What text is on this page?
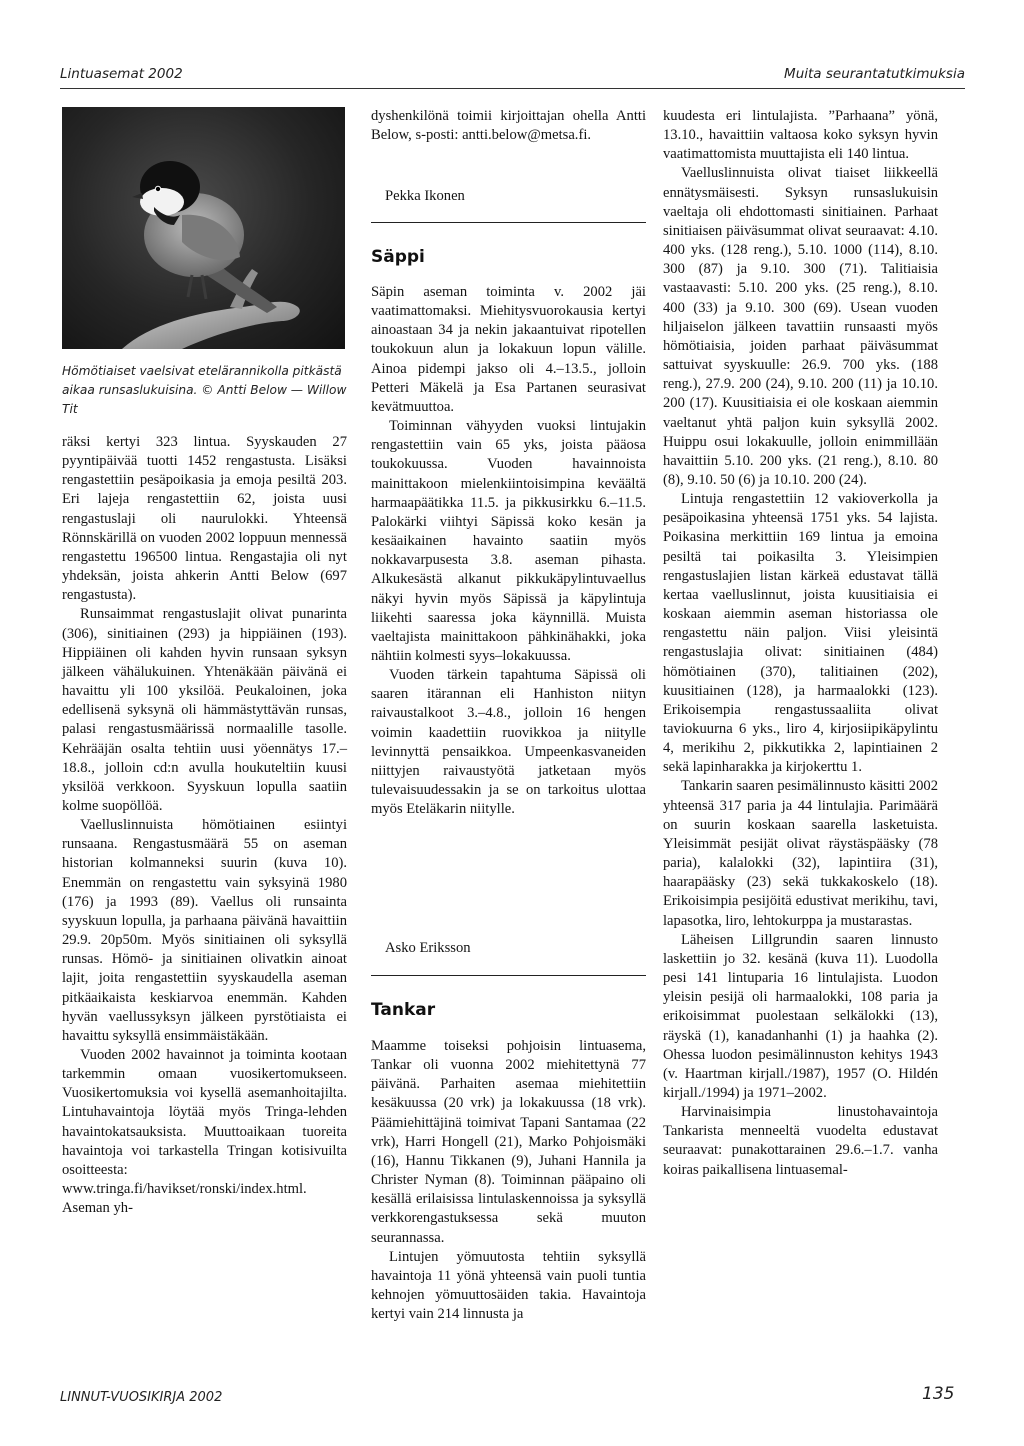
Lintuasemat 2002	Muita seurantatutkimuksia
Hömötiaiset vaelsivat etelärannikolla pitkästä aikaa runsaslukuisina. © Antti Below — Willow Tit

räksi kertyi 323 lintua. Syyskauden 27 pyyntipäivää tuotti 1452 rengastusta. Lisäksi rengastettiin pesäpoikasia ja emoja pesiltä 203. Eri lajeja rengastettiin 62, joista uusi rengastuslaji oli naurulokki. Yhteensä Rönnskärillä on vuoden 2002 loppuun mennessä rengastettu 196500 lintua. Rengastajia oli nyt yhdeksän, joista ahkerin Antti Below (697 rengastusta).

Runsaimmat rengastuslajit olivat punarinta (306), sinitiainen (293) ja hippiäinen (193). Hippiäinen oli kahden hyvin runsaan syksyn jälkeen vähälukuinen. Yhtenäkään päivänä ei havaittu yli 100 yksilöä. Peukaloinen, joka edellisenä syksynä oli hämmästyttävän runsas, palasi rengastusmäärissä normaalille tasolle. Kehrääjän osalta tehtiin uusi yöennätys 17.–18.8., jolloin cd:n avulla houkuteltiin kuusi yksilöä verkkoon. Syyskuun lopulla saatiin kolme suopöllöä.

Vaelluslinnuista hömötiainen esiintyi runsaana. Rengastusmäärä 55 on aseman historian kolmanneksi suurin (kuva 10). Enemmän on rengastettu vain syksyinä 1980 (176) ja 1993 (89). Vaellus oli runsainta syyskuun lopulla, ja parhaana päivänä havaittiin 29.9. 20p50m. Myös sinitiainen oli syksyllä runsas. Hömö- ja sinitiainen olivatkin ainoat lajit, joita rengastettiin syyskaudella aseman pitkäaikaista keskiarvoa enemmän. Kahden hyvän vaellussyksyn jälkeen pyrstötiaista ei havaittu syksyllä ensimmäistäkään.

Vuoden 2002 havainnot ja toiminta kootaan tarkemmin omaan vuosikertomukseen. Vuosikertomuksia voi kysellä asemanhoitajilta. Lintuhavaintoja löytää myös Tringa-lehden havaintokatsauksista. Muuttoaikaan tuoreita havaintoja voi tarkastella Tringan kotisivuilta osoitteesta: www.tringa.fi/havikset/ronski/index.html. Aseman yh-

dyshenkilönä toimii kirjoittajan ohella Antti Below, s-posti: antti.below@metsa.fi.

Pekka Ikonen
Säppi

Säpin aseman toiminta v. 2002 jäi vaatimattomaksi. Miehitysvuorokausia kertyi ainoastaan 34 ja nekin jakaantuivat ripotellen toukokuun alun ja lokakuun lopun välille. Ainoa pidempi jakso oli 4.–13.5., jolloin Petteri Mäkelä ja Esa Partanen seurasivat kevätmuuttoa.

Toiminnan vähyyden vuoksi lintujakin rengastettiin vain 65 yks, joista pääosa toukokuussa. Vuoden havainnoista mainittakoon mielenkiintoisimpina keväältä harmaapäätikka 11.5. ja pikkusirkku 6.–11.5. Palokärki viihtyi Säpissä koko kesän ja kesäaikainen havainto saatiin myös nokkavarpusesta 3.8. aseman pihasta. Alkukesästä alkanut pikkukäpylintuvaellus näkyi hyvin myös Säpissä ja käpylintuja liikehti saaressa joka käynnillä. Muista vaeltajista mainittakoon pähkinähakki, joka nähtiin kolmesti syys–lokakuussa.

Vuoden tärkein tapahtuma Säpissä oli saaren itärannan eli Hanhiston niityn raivaustalkoot 3.–4.8., jolloin 16 hengen voimin kaadettiin ruovikkoa ja niitylle levinnyttä pensaikkoa. Umpeenkasvaneiden niittyjen raivaustyötä jatketaan myös tulevaisuudessakin ja se on tarkoitus ulottaa myös Eteläkarin niitylle.

Asko Eriksson
Tankar

Maamme toiseksi pohjoisin lintuasema, Tankar oli vuonna 2002 miehitettynä 77 päivänä. Parhaiten asemaa miehitettiin kesäkuussa (20 vrk) ja lokakuussa (18 vrk). Päämiehittäjinä toimivat Tapani Santamaa (22 vrk), Harri Hongell (21), Marko Pohjoismäki (16), Hannu Tikkanen (9), Juhani Hannila ja Christer Nyman (8). Toiminnan pääpaino oli kesällä erilaisissa lintulaskennoissa ja syksyllä verkkorengastuksessa sekä muuton seurannassa.

Lintujen yömuutosta tehtiin syksyllä havaintoja 11 yönä yhteensä vain puoli tuntia kehnojen yömuuttosäiden takia. Havaintoja kertyi vain 214 linnusta ja

kuudesta eri lintulajista. ”Parhaana” yönä, 13.10., havaittiin valtaosa koko syksyn hyvin vaatimattomista muuttajista eli 140 lintua.

Vaelluslinnuista olivat tiaiset liikkeellä ennätysmäisesti. Syksyn runsaslukuisin vaeltaja oli ehdottomasti sinitiainen. Parhaat sinitiaisen päiväsummat olivat seuraavat: 4.10. 400 yks. (128 reng.), 5.10. 1000 (114), 8.10. 300 (87) ja 9.10. 300 (71). Talitiaisia vastaavasti: 5.10. 200 yks. (25 reng.), 8.10. 400 (33) ja 9.10. 300 (69). Usean vuoden hiljaiselon jälkeen tavattiin runsaasti myös hömötiaisia, joiden parhaat päiväsummat sattuivat syyskuulle: 26.9. 700 yks. (188 reng.), 27.9. 200 (24), 9.10. 200 (11) ja 10.10. 200 (17). Kuusitiaisia ei ole koskaan aiemmin vaeltanut yhtä paljon kuin syksyllä 2002. Huippu osui lokakuulle, jolloin enimmillään havaittiin 5.10. 200 yks. (21 reng.), 8.10. 80 (8), 9.10. 50 (6) ja 10.10. 200 (24).

Lintuja rengastettiin 12 vakioverkolla ja pesäpoikasina yhteensä 1751 yks. 54 lajista. Poikasina merkittiin 169 lintua ja emoina pesiltä tai poikasilta 3. Yleisimpien rengastuslajien listan kärkeä edustavat tällä kertaa vaelluslinnut, joista kuusitiaisia ei koskaan aiemmin aseman historiassa ole rengastettu näin paljon. Viisi yleisintä rengastuslajia olivat: sinitiainen (484) hömötiainen (370), talitiainen (202), kuusitiainen (128), ja harmaalokki (123). Erikoisempia rengastussaaliita olivat taviokuurna 6 yks., liro 4, kirjosiipikäpylintu 4, merikihu 2, pikkutikka 2, lapintiainen 2 sekä lapinharakka ja kirjokerttu 1.

Tankarin saaren pesimälinnusto käsitti 2002 yhteensä 317 paria ja 44 lintulajia. Parimäärä on suurin koskaan saarella lasketuista. Yleisimmät pesijät olivat räystäspääsky (78 paria), kalalokki (32), lapintiira (31), haarapääsky (23) sekä tukkakoskelo (18). Erikoisimpia pesijöitä edustivat merikihu, tavi, lapasotka, liro, lehtokurppa ja mustarastas.

Läheisen Lillgrundin saaren linnusto laskettiin jo 32. kesänä (kuva 11). Luodolla pesi 141 lintuparia 16 lintulajista. Luodon yleisin pesijä oli harmaalokki, 108 paria ja erikoisimmat puolestaan selkälokki (13), räyskä (1), kanadanhanhi (1) ja haahka (2). Ohessa luodon pesimälinnuston kehitys 1943 (v. Haartman kirjall./1987), 1957 (O. Hildén kirjall./1994) ja 1971–2002.

Harvinaisimpia linustohavaintoja Tankarista menneeltä vuodelta edustavat seuraavat: punakottarainen 29.6.–1.7. vanha koiras paikallisena lintuasemal-

LINNUT-VUOSIKIRJA 2002	135
